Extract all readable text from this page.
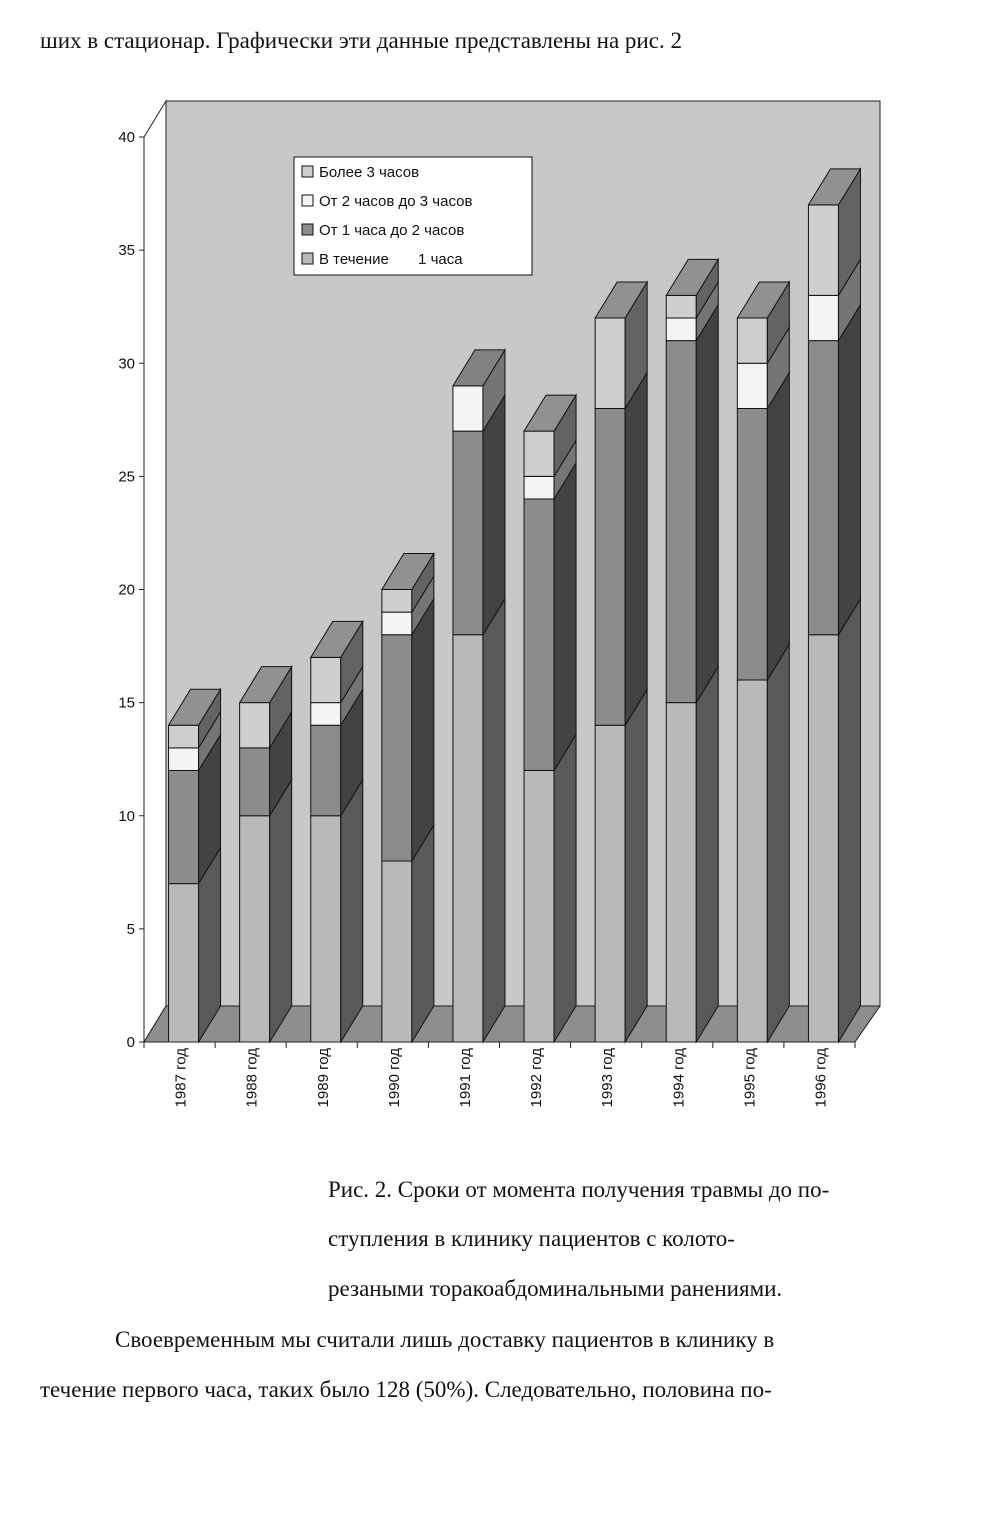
ших в стационар. Графически эти данные представлены на рис. 2
0
5
10
15
20
25
30
35
40
1987 год	1988 год	1989 год	1990 год	1991 год	1992 год	1993 год	1994 год	1995 год	1996 год
Более 3 часов
От 2 часов до 3 часов
От 1 часа до 2 часов
В течение       1 часа
Рис. 2. Сроки от момента получения травмы до по-
ступления в клинику пациентов с колото-
резаными торакоабдоминальными ранениями.
Своевременным мы считали лишь доставку пациентов в клинику в
течение первого часа, таких было 128 (50%). Следовательно, половина по-
